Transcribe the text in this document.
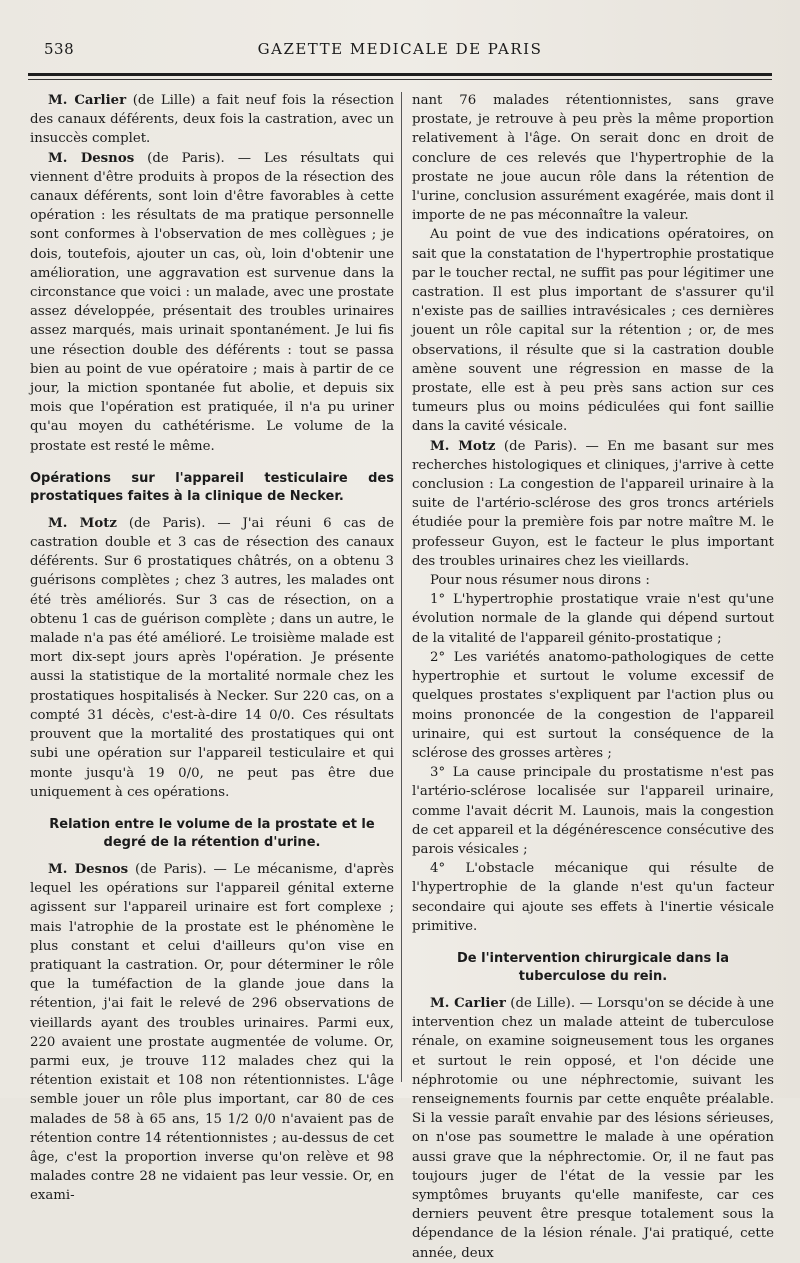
538	GAZETTE MEDICALE DE PARIS

M. Carlier (de Lille) a fait neuf fois la résection des canaux déférents, deux fois la castration, avec un insuccès complet.

M. Desnos (de Paris). — Les résultats qui viennent d'être produits à propos de la résection des canaux déférents, sont loin d'être favorables à cette opération : les résultats de ma pratique personnelle sont conformes à l'observation de mes collègues ; je dois, toutefois, ajouter un cas, où, loin d'obtenir une amélioration, une aggravation est survenue dans la circonstance que voici : un malade, avec une prostate assez développée, présentait des troubles urinaires assez marqués, mais urinait spontanément. Je lui fis une résection double des déférents : tout se passa bien au point de vue opératoire ; mais à partir de ce jour, la miction spontanée fut abolie, et depuis six mois que l'opération est pratiquée, il n'a pu uriner qu'au moyen du cathétérisme. Le volume de la prostate est resté le même.

Opérations sur l'appareil testiculaire des prostatiques faites à la clinique de Necker.

M. Motz (de Paris). — J'ai réuni 6 cas de castration double et 3 cas de résection des canaux déférents. Sur 6 prostatiques châtrés, on a obtenu 3 guérisons complètes ; chez 3 autres, les malades ont été très améliorés. Sur 3 cas de résection, on a obtenu 1 cas de guérison complète ; dans un autre, le malade n'a pas été amélioré. Le troisième malade est mort dix-sept jours après l'opération. Je présente aussi la statistique de la mortalité normale chez les prostatiques hospitalisés à Necker. Sur 220 cas, on a compté 31 décès, c'est-à-dire 14 0/0. Ces résultats prouvent que la mortalité des prostatiques qui ont subi une opération sur l'appareil testiculaire et qui monte jusqu'à 19 0/0, ne peut pas être due uniquement à ces opérations.

Relation entre le volume de la prostate et le degré de la rétention d'urine.

M. Desnos (de Paris). — Le mécanisme, d'après lequel les opérations sur l'appareil génital externe agissent sur l'appareil urinaire est fort complexe ; mais l'atrophie de la prostate est le phénomène le plus constant et celui d'ailleurs qu'on vise en pratiquant la castration. Or, pour déterminer le rôle que la tuméfaction de la glande joue dans la rétention, j'ai fait le relevé de 296 observations de vieillards ayant des troubles urinaires. Parmi eux, 220 avaient une prostate augmentée de volume. Or, parmi eux, je trouve 112 malades chez qui la rétention existait et 108 non rétentionnistes. L'âge semble jouer un rôle plus important, car 80 de ces malades de 58 à 65 ans, 15 1/2 0/0 n'avaient pas de rétention contre 14 rétentionnistes ; au-dessus de cet âge, c'est la proportion inverse qu'on relève et 98 malades contre 28 ne vidaient pas leur vessie. Or, en exami-

nant 76 malades rétentionnistes, sans grave prostate, je retrouve à peu près la même proportion relativement à l'âge. On serait donc en droit de conclure de ces relevés que l'hypertrophie de la prostate ne joue aucun rôle dans la rétention de l'urine, conclusion assurément exagérée, mais dont il importe de ne pas méconnaître la valeur.

Au point de vue des indications opératoires, on sait que la constatation de l'hypertrophie prostatique par le toucher rectal, ne suffit pas pour légitimer une castration. Il est plus important de s'assurer qu'il n'existe pas de saillies intravésicales ; ces dernières jouent un rôle capital sur la rétention ; or, de mes observations, il résulte que si la castration double amène souvent une régression en masse de la prostate, elle est à peu près sans action sur ces tumeurs plus ou moins pédiculées qui font saillie dans la cavité vésicale.

M. Motz (de Paris). — En me basant sur mes recherches histologiques et cliniques, j'arrive à cette conclusion : La congestion de l'appareil urinaire à la suite de l'artério-sclérose des gros troncs artériels étudiée pour la première fois par notre maître M. le professeur Guyon, est le facteur le plus important des troubles urinaires chez les vieillards.

Pour nous résumer nous dirons :

1° L'hypertrophie prostatique vraie n'est qu'une évolution normale de la glande qui dépend surtout de la vitalité de l'appareil génito-prostatique ;

2° Les variétés anatomo-pathologiques de cette hypertrophie et surtout le volume excessif de quelques prostates s'expliquent par l'action plus ou moins prononcée de la congestion de l'appareil urinaire, qui est surtout la conséquence de la sclérose des grosses artères ;

3° La cause principale du prostatisme n'est pas l'artério-sclérose localisée sur l'appareil urinaire, comme l'avait décrit M. Launois, mais la congestion de cet appareil et la dégénérescence consécutive des parois vésicales ;

4° L'obstacle mécanique qui résulte de l'hypertrophie de la glande n'est qu'un facteur secondaire qui ajoute ses effets à l'inertie vésicale primitive.

De l'intervention chirurgicale dans la tuberculose du rein.

M. Carlier (de Lille). — Lorsqu'on se décide à une intervention chez un malade atteint de tuberculose rénale, on examine soigneusement tous les organes et surtout le rein opposé, et l'on décide une néphrotomie ou une néphrectomie, suivant les renseignements fournis par cette enquête préalable. Si la vessie paraît envahie par des lésions sérieuses, on n'ose pas soumettre le malade à une opération aussi grave que la néphrectomie. Or, il ne faut pas toujours juger de l'état de la vessie par les symptômes bruyants qu'elle manifeste, car ces derniers peuvent être presque totalement sous la dépendance de la lésion rénale. J'ai pratiqué, cette année, deux
